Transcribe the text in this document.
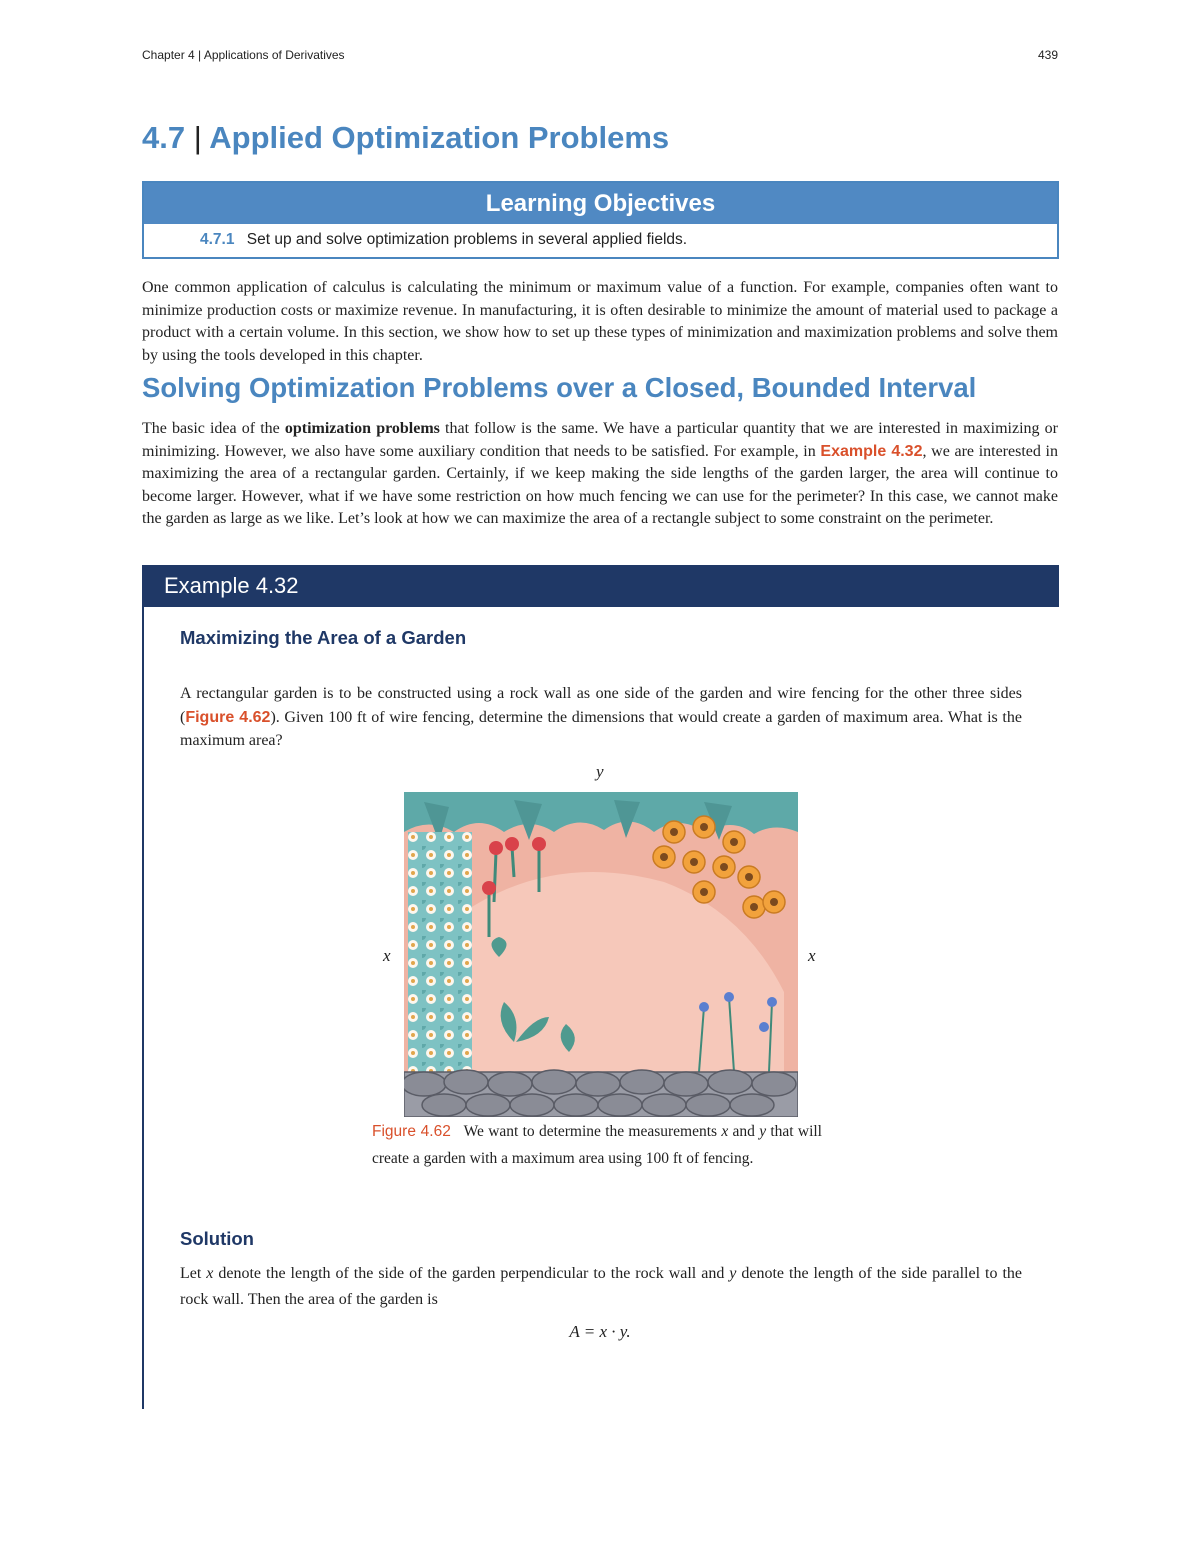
Chapter 4 | Applications of Derivatives	439
4.7 | Applied Optimization Problems
Learning Objectives
4.7.1 Set up and solve optimization problems in several applied fields.
One common application of calculus is calculating the minimum or maximum value of a function. For example, companies often want to minimize production costs or maximize revenue. In manufacturing, it is often desirable to minimize the amount of material used to package a product with a certain volume. In this section, we show how to set up these types of minimization and maximization problems and solve them by using the tools developed in this chapter.
Solving Optimization Problems over a Closed, Bounded Interval
The basic idea of the optimization problems that follow is the same. We have a particular quantity that we are interested in maximizing or minimizing. However, we also have some auxiliary condition that needs to be satisfied. For example, in Example 4.32, we are interested in maximizing the area of a rectangular garden. Certainly, if we keep making the side lengths of the garden larger, the area will continue to become larger. However, what if we have some restriction on how much fencing we can use for the perimeter? In this case, we cannot make the garden as large as we like. Let’s look at how we can maximize the area of a rectangle subject to some constraint on the perimeter.
Example 4.32
Maximizing the Area of a Garden
A rectangular garden is to be constructed using a rock wall as one side of the garden and wire fencing for the other three sides (Figure 4.62). Given 100 ft of wire fencing, determine the dimensions that would create a garden of maximum area. What is the maximum area?
y
x	x
Figure 4.62 We want to determine the measurements x and y that will create a garden with a maximum area using 100 ft of fencing.
Solution
Let x denote the length of the side of the garden perpendicular to the rock wall and y denote the length of the side parallel to the rock wall. Then the area of the garden is
A = x · y.
